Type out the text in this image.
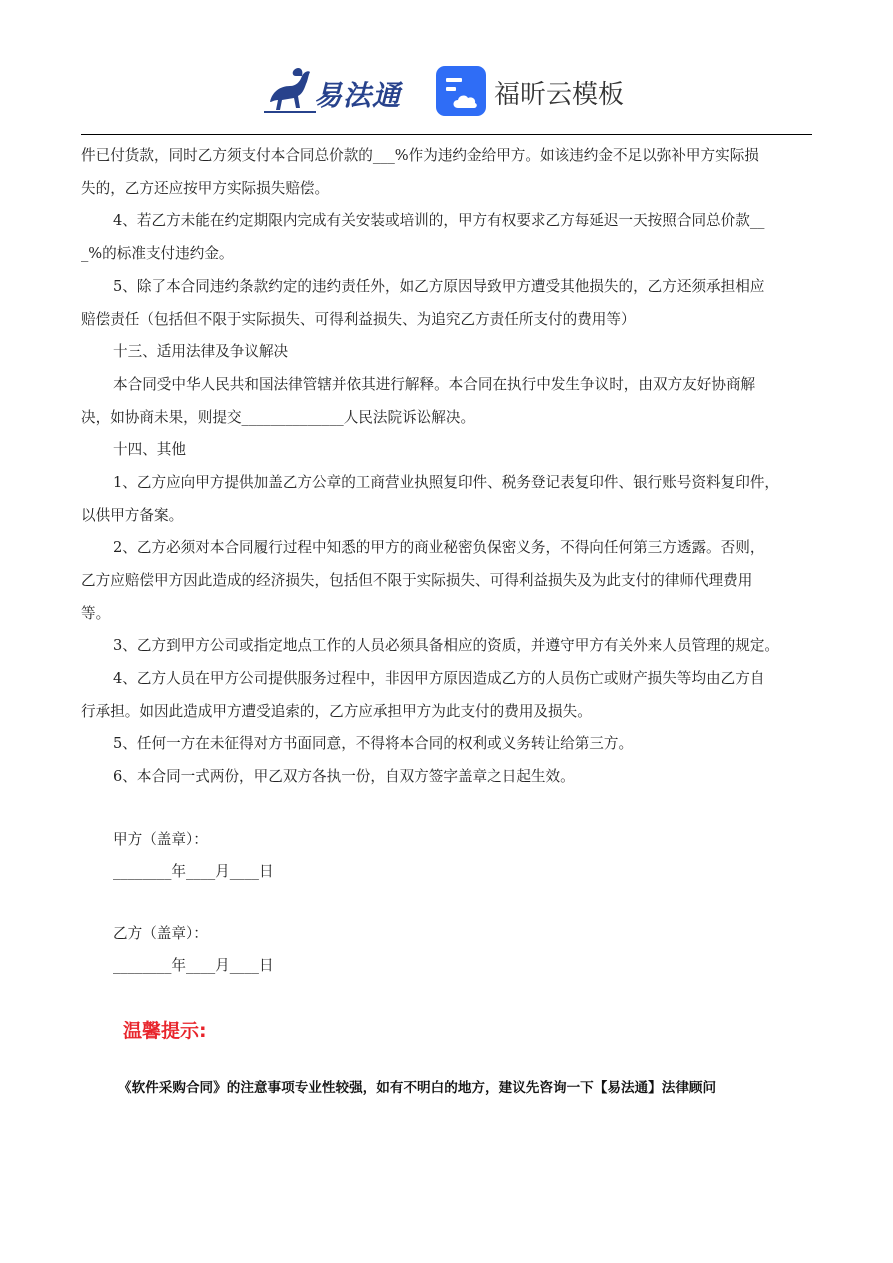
易法通	福昕云模板
件已付货款，同时乙方须支付本合同总价款的___%作为违约金给甲方。如该违约金不足以弥补甲方实际损
失的，乙方还应按甲方实际损失赔偿。
4、若乙方未能在约定期限内完成有关安装或培训的，甲方有权要求乙方每延迟一天按照合同总价款__
_%的标准支付违约金。
5、除了本合同违约条款约定的违约责任外，如乙方原因导致甲方遭受其他损失的，乙方还须承担相应
赔偿责任（包括但不限于实际损失、可得利益损失、为追究乙方责任所支付的费用等）
十三、适用法律及争议解决
本合同受中华人民共和国法律管辖并依其进行解释。本合同在执行中发生争议时，由双方友好协商解
决，如协商未果，则提交______________人民法院诉讼解决。
十四、其他
1、乙方应向甲方提供加盖乙方公章的工商营业执照复印件、税务登记表复印件、银行账号资料复印件，
以供甲方备案。
2、乙方必须对本合同履行过程中知悉的甲方的商业秘密负保密义务，不得向任何第三方透露。否则，
乙方应赔偿甲方因此造成的经济损失，包括但不限于实际损失、可得利益损失及为此支付的律师代理费用
等。
3、乙方到甲方公司或指定地点工作的人员必须具备相应的资质，并遵守甲方有关外来人员管理的规定。
4、乙方人员在甲方公司提供服务过程中，非因甲方原因造成乙方的人员伤亡或财产损失等均由乙方自
行承担。如因此造成甲方遭受追索的，乙方应承担甲方为此支付的费用及损失。
5、任何一方在未征得对方书面同意，不得将本合同的权利或义务转让给第三方。
6、本合同一式两份，甲乙双方各执一份，自双方签字盖章之日起生效。
甲方（盖章）：
________年____月____日
乙方（盖章）：
________年____月____日
温馨提示:
《软件采购合同》的注意事项专业性较强，如有不明白的地方，建议先咨询一下【易法通】法律顾问
